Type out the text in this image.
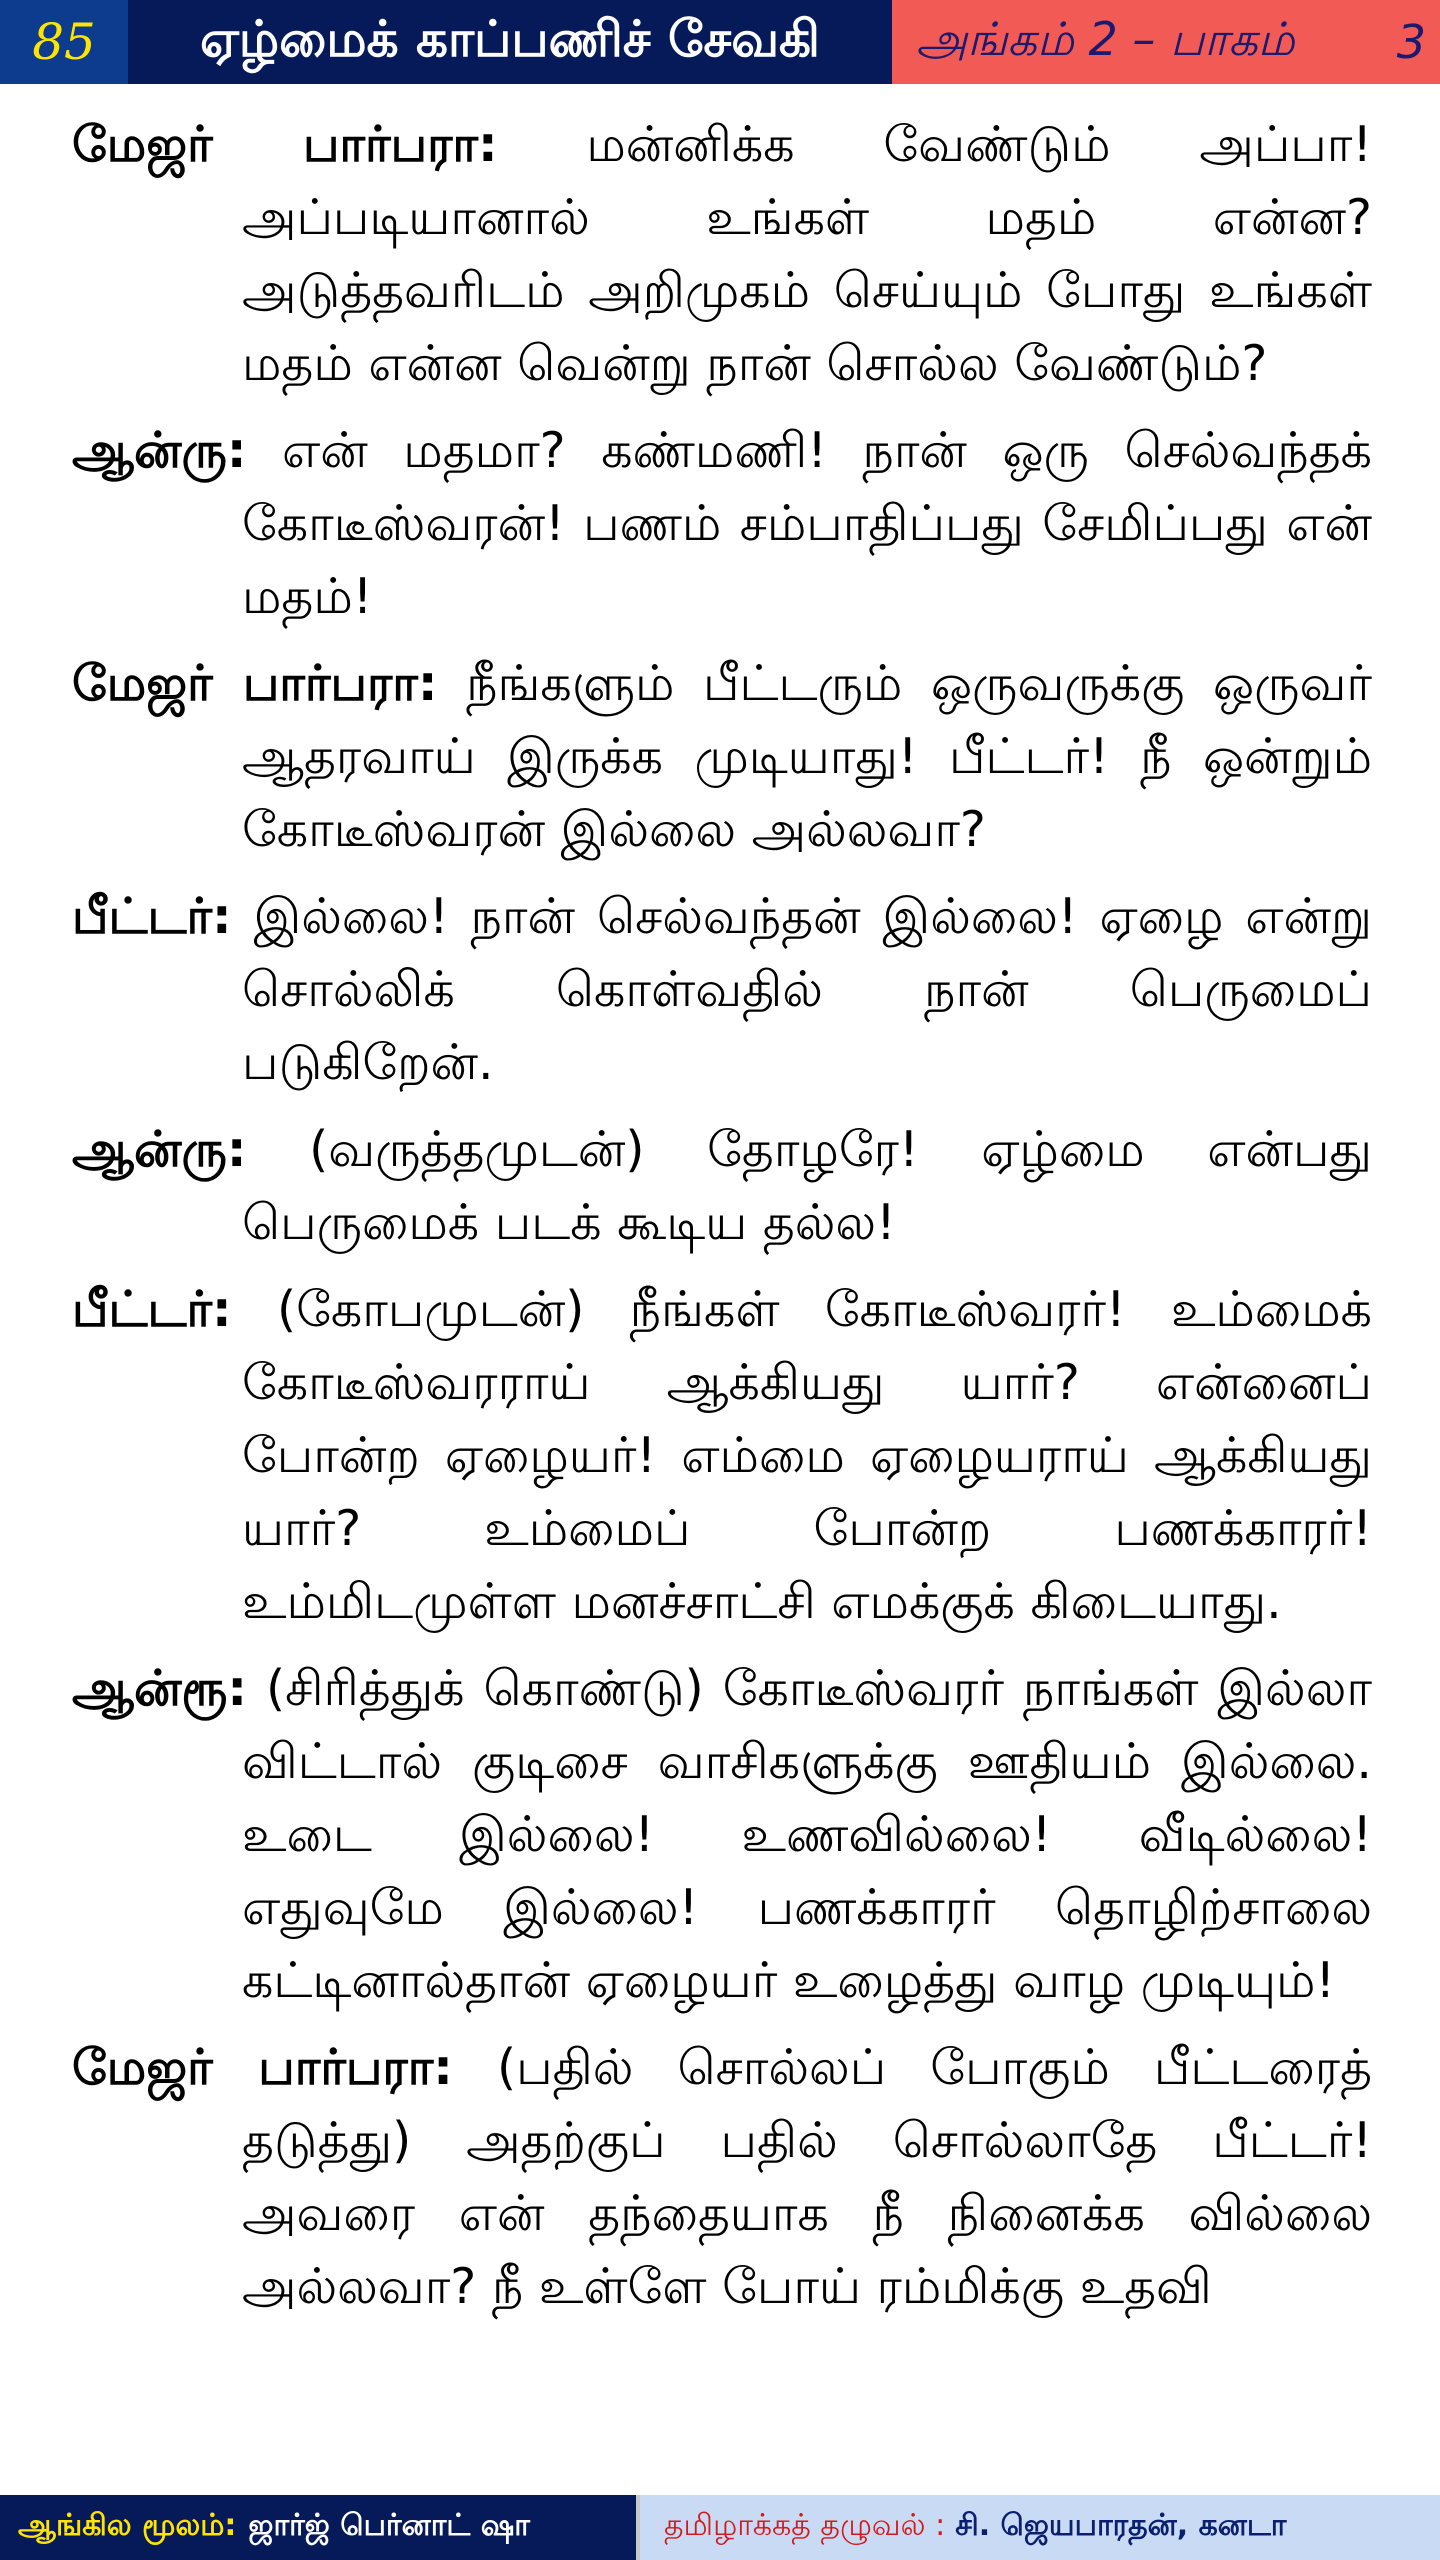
85	ஏழ்மைக் காப்பணிச் சேவகி	அங்கம் 2 – பாகம் 3

மேஜர் பார்பரா: மன்னிக்க வேண்டும் அப்பா! அப்படியானால் உங்கள் மதம் என்ன? அடுத்தவரிடம் அறிமுகம் செய்யும் போது உங்கள் மதம் என்ன வென்று நான் சொல்ல வேண்டும்?

ஆன்ரு: என் மதமா? கண்மணி! நான் ஒரு செல்வந்தக் கோடீஸ்வரன்! பணம் சம்பாதிப்பது சேமிப்பது என் மதம்!

மேஜர் பார்பரா: நீங்களும் பீட்டரும் ஒருவருக்கு ஒருவர் ஆதரவாய் இருக்க முடியாது! பீட்டர்! நீ ஒன்றும் கோடீஸ்வரன் இல்லை அல்லவா?

பீட்டர்: இல்லை! நான் செல்வந்தன் இல்லை! ஏழை என்று சொல்லிக் கொள்வதில் நான் பெருமைப் படுகிறேன்.

ஆன்ரு: (வருத்தமுடன்) தோழரே! ஏழ்மை என்பது பெருமைக் படக் கூடிய தல்ல!

பீட்டர்: (கோபமுடன்) நீங்கள் கோடீஸ்வரர்! உம்மைக் கோடீஸ்வரராய் ஆக்கியது யார்? என்னைப் போன்ற ஏழையர்! எம்மை ஏழையராய் ஆக்கியது யார்? உம்மைப் போன்ற பணக்காரர்! உம்மிடமுள்ள மனச்சாட்சி எமக்குக் கிடையாது.

ஆன்ரூ: (சிரித்துக் கொண்டு) கோடீஸ்வரர் நாங்கள் இல்லா விட்டால் குடிசை வாசிகளுக்கு ஊதியம் இல்லை. உடை இல்லை! உணவில்லை! வீடில்லை! எதுவுமே இல்லை! பணக்காரர் தொழிற்சாலை கட்டினால்தான் ஏழையர் உழைத்து வாழ முடியும்!

மேஜர் பார்பரா: (பதில் சொல்லப் போகும் பீட்டரைத் தடுத்து) அதற்குப் பதில் சொல்லாதே பீட்டர்! அவரை என் தந்தையாக நீ நினைக்க வில்லை அல்லவா? நீ உள்ளே போய் ரம்மிக்கு உதவி

ஆங்கில மூலம்: ஜார்ஜ் பெர்னாட் ஷா	தமிழாக்கத் தழுவல் : சி. ஜெயபாரதன், கனடா
